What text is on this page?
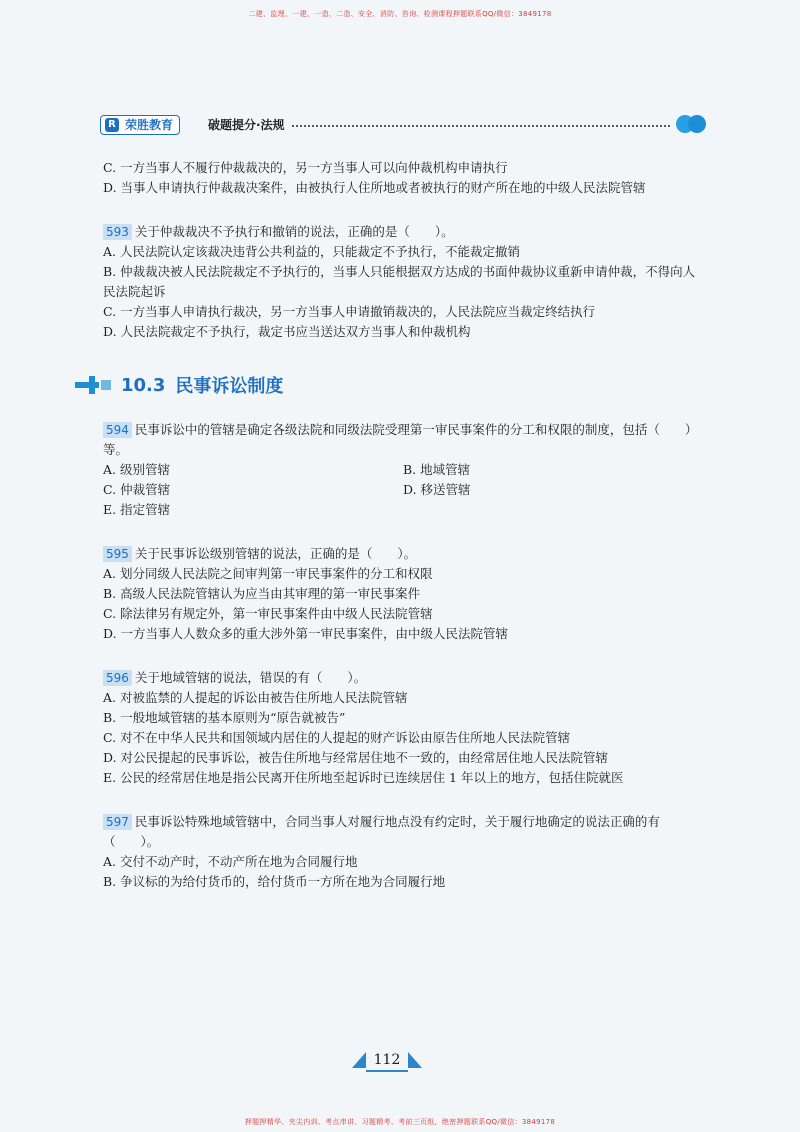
二建、监理、一建、一造、二造、安全、消防、咨询、检测课程押题联系QQ/微信：3849178
R 荣胜教育	破题提分·法规
C. 一方当事人不履行仲裁裁决的，另一方当事人可以向仲裁机构申请执行
D. 当事人申请执行仲裁裁决案件，由被执行人住所地或者被执行的财产所在地的中级人民法院管辖
593 关于仲裁裁决不予执行和撤销的说法，正确的是（　　）。
A. 人民法院认定该裁决违背公共利益的，只能裁定不予执行，不能裁定撤销
B. 仲裁裁决被人民法院裁定不予执行的，当事人只能根据双方达成的书面仲裁协议重新申请仲裁，不得向人民法院起诉
C. 一方当事人申请执行裁决，另一方当事人申请撤销裁决的，人民法院应当裁定终结执行
D. 人民法院裁定不予执行，裁定书应当送达双方当事人和仲裁机构
10.3 民事诉讼制度
594 民事诉讼中的管辖是确定各级法院和同级法院受理第一审民事案件的分工和权限的制度，包括（　　）等。
A. 级别管辖	B. 地域管辖
C. 仲裁管辖	D. 移送管辖
E. 指定管辖
595 关于民事诉讼级别管辖的说法，正确的是（　　）。
A. 划分同级人民法院之间审判第一审民事案件的分工和权限
B. 高级人民法院管辖认为应当由其审理的第一审民事案件
C. 除法律另有规定外，第一审民事案件由中级人民法院管辖
D. 一方当事人人数众多的重大涉外第一审民事案件，由中级人民法院管辖
596 关于地域管辖的说法，错误的有（　　）。
A. 对被监禁的人提起的诉讼由被告住所地人民法院管辖
B. 一般地域管辖的基本原则为“原告就被告”
C. 对不在中华人民共和国领域内居住的人提起的财产诉讼由原告住所地人民法院管辖
D. 对公民提起的民事诉讼，被告住所地与经常居住地不一致的，由经常居住地人民法院管辖
E. 公民的经常居住地是指公民离开住所地至起诉时已连续居住 1 年以上的地方，包括住院就医
597 民事诉讼特殊地域管辖中，合同当事人对履行地点没有约定时，关于履行地确定的说法正确的有（　　）。
A. 交付不动产时，不动产所在地为合同履行地
B. 争议标的为给付货币的，给付货币一方所在地为合同履行地
112
押题押精华、夹尖内训、考点串讲、习题精考、考前三页纸，绝密押题联系QQ/微信：3849178
